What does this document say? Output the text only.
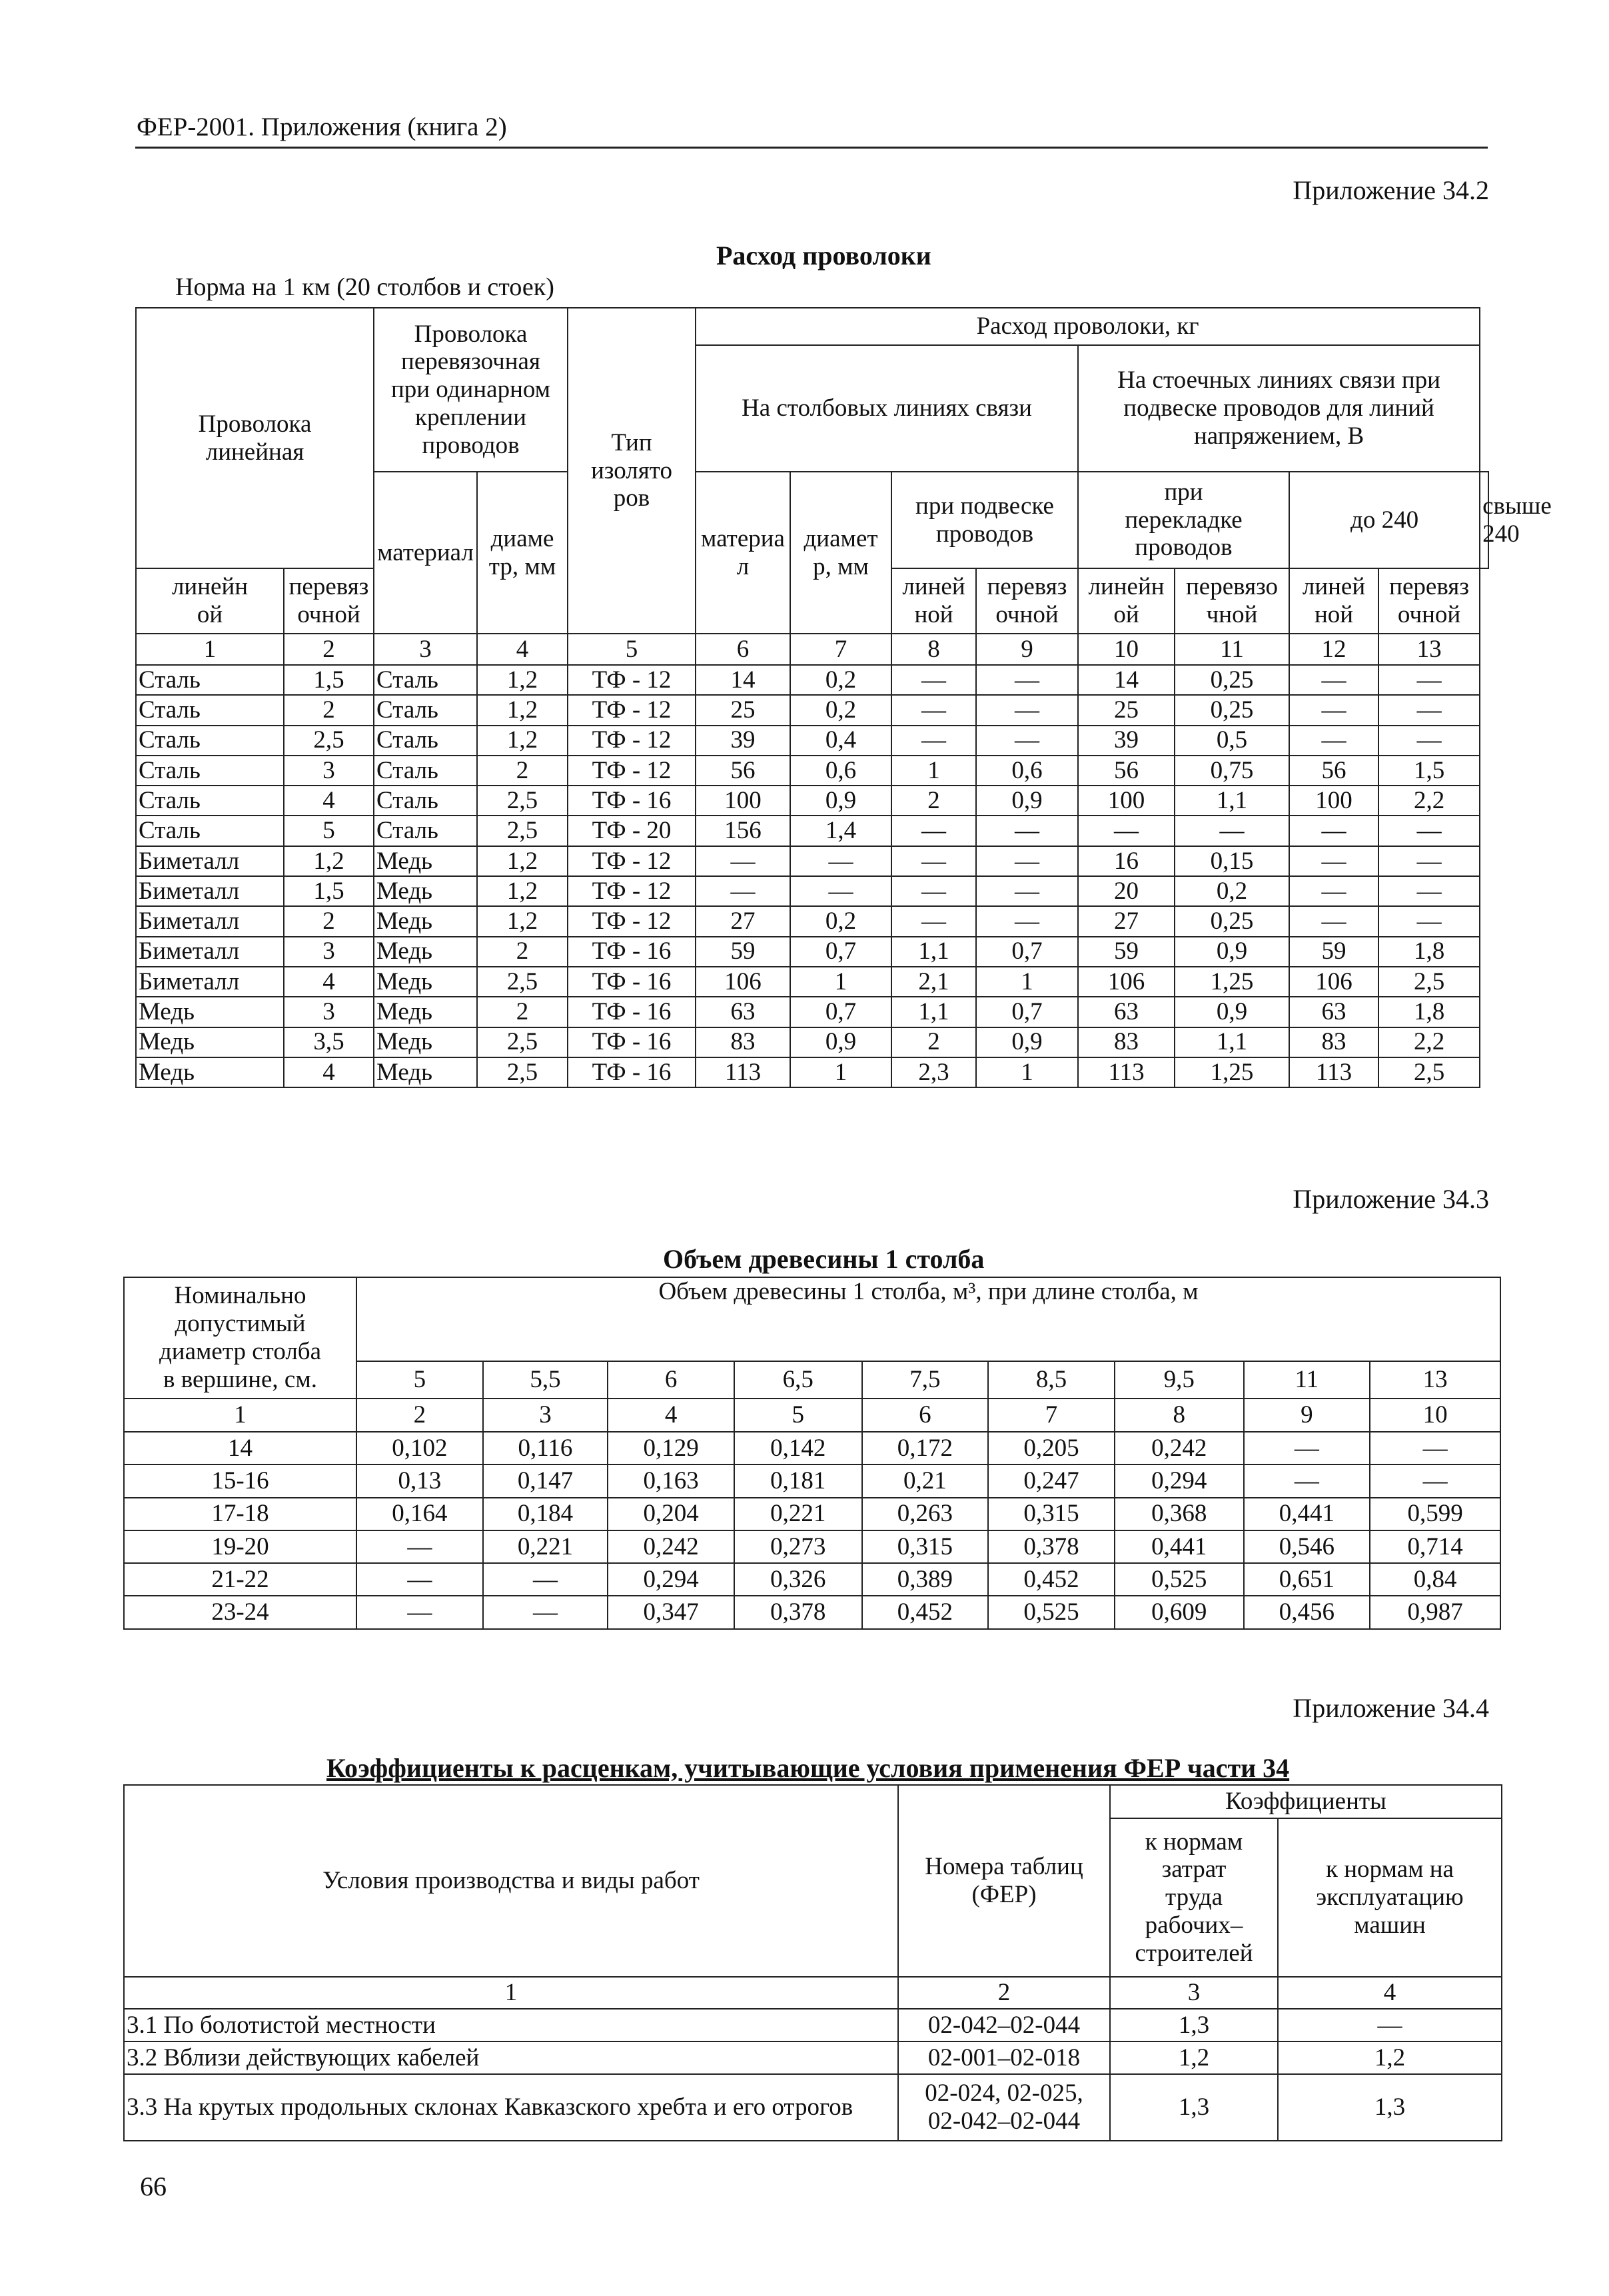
ФЕР-2001. Приложения (книга 2)
Приложение 34.2
Расход проволоки
Норма на 1 км (20 столбов и стоек)
Проволока
линейная		Проволока
перевязочная
при одинарном
креплении
проводов		Тип
изолято
ров	Расход проволоки, кг								
					На столбовых линиях связи				На стоечных линиях связи при
подвеске проводов для линий
напряжением, В				
		материал	диаме
тр, мм		материа
л	диамет
р, мм	при подвеске
проводов		при
перекладке
проводов		до 240		свыше 240
линейн
ой	перевяз
очной						линей
ной	перевяз
очной	линейн
ой	перевязо
чной	линей
ной	перевяз
очной	
1	2	3	4	5	6	7	8	9	10	11	12	13	
Сталь	1,5	Сталь	1,2	ТФ - 12	14	0,2	—	—	14	0,25	—	—	
Сталь	2	Сталь	1,2	ТФ - 12	25	0,2	—	—	25	0,25	—	—	
Сталь	2,5	Сталь	1,2	ТФ - 12	39	0,4	—	—	39	0,5	—	—	
Сталь	3	Сталь	2	ТФ - 12	56	0,6	1	0,6	56	0,75	56	1,5	
Сталь	4	Сталь	2,5	ТФ - 16	100	0,9	2	0,9	100	1,1	100	2,2	
Сталь	5	Сталь	2,5	ТФ - 20	156	1,4	—	—	—	—	—	—	
Биметалл	1,2	Медь	1,2	ТФ - 12	—	—	—	—	16	0,15	—	—	
Биметалл	1,5	Медь	1,2	ТФ - 12	—	—	—	—	20	0,2	—	—	
Биметалл	2	Медь	1,2	ТФ - 12	27	0,2	—	—	27	0,25	—	—	
Биметалл	3	Медь	2	ТФ - 16	59	0,7	1,1	0,7	59	0,9	59	1,8	
Биметалл	4	Медь	2,5	ТФ - 16	106	1	2,1	1	106	1,25	106	2,5	
Медь	3	Медь	2	ТФ - 16	63	0,7	1,1	0,7	63	0,9	63	1,8	
Медь	3,5	Медь	2,5	ТФ - 16	83	0,9	2	0,9	83	1,1	83	2,2	
Медь	4	Медь	2,5	ТФ - 16	113	1	2,3	1	113	1,25	113	2,5	
Приложение 34.3
Объем древесины 1 столба
Номинально
допустимый
диаметр столба
в вершине, см.	Объем древесины 1 столба, м³, при длине столба, м								
	5	5,5	6	6,5	7,5	8,5	9,5	11	13
1	2	3	4	5	6	7	8	9	10
14	0,102	0,116	0,129	0,142	0,172	0,205	0,242	—	—
15-16	0,13	0,147	0,163	0,181	0,21	0,247	0,294	—	—
17-18	0,164	0,184	0,204	0,221	0,263	0,315	0,368	0,441	0,599
19-20	—	0,221	0,242	0,273	0,315	0,378	0,441	0,546	0,714
21-22	—	—	0,294	0,326	0,389	0,452	0,525	0,651	0,84
23-24	—	—	0,347	0,378	0,452	0,525	0,609	0,456	0,987
Приложение 34.4
Коэффициенты к расценкам, учитывающие условия применения ФЕР части 34
Условия производства и виды работ	Номера таблиц
(ФЕР)	Коэффициенты	
		к нормам
затрат
труда
рабочих–
строителей	к нормам на
эксплуатацию
машин
1	2	3	4
3.1 По болотистой местности	02-042–02-044	1,3	—
3.2 Вблизи действующих кабелей	02-001–02-018	1,2	1,2
3.3 На крутых продольных склонах Кавказского хребта и его отрогов	02-024, 02-025,
02-042–02-044	1,3	1,3
66
